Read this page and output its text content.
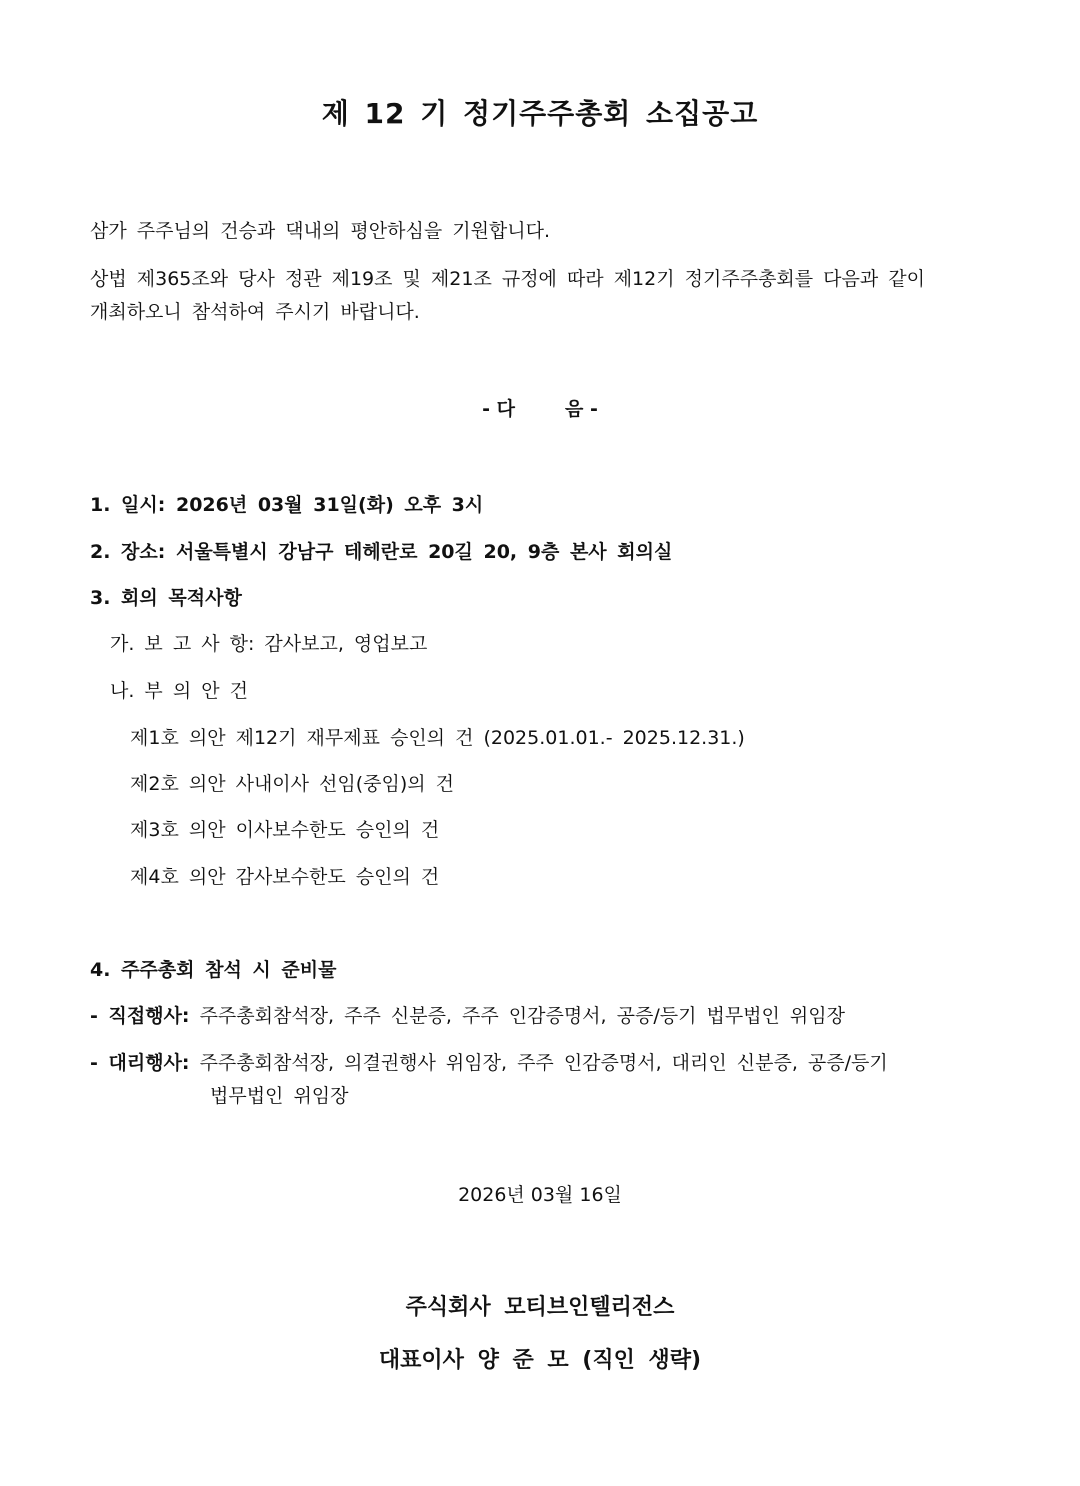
제 12 기 정기주주총회 소집공고
삼가 주주님의 건승과 댁내의 평안하심을 기원합니다.
상법 제365조와 당사 정관 제19조 및 제21조 규정에 따라 제12기 정기주주총회를 다음과 같이
개최하오니 참석하여 주시기 바랍니다.
- 다	음 -
1. 일시: 2026년 03월 31일(화) 오후 3시
2. 장소: 서울특별시 강남구 테헤란로 20길 20, 9층 본사 회의실
3. 회의 목적사항
가. 보 고 사 항: 감사보고, 영업보고
나. 부 의 안 건
제1호 의안 제12기 재무제표 승인의 건 (2025.01.01.- 2025.12.31.)
제2호 의안 사내이사 선임(중임)의 건
제3호 의안 이사보수한도 승인의 건
제4호 의안 감사보수한도 승인의 건
4. 주주총회 참석 시 준비물
- 직접행사: 주주총회참석장, 주주 신분증, 주주 인감증명서, 공증/등기 법무법인 위임장
- 대리행사: 주주총회참석장, 의결권행사 위임장, 주주 인감증명서, 대리인 신분증, 공증/등기
법무법인 위임장
2026년 03월 16일
주식회사 모티브인텔리전스
대표이사 양 준 모 (직인 생략)
